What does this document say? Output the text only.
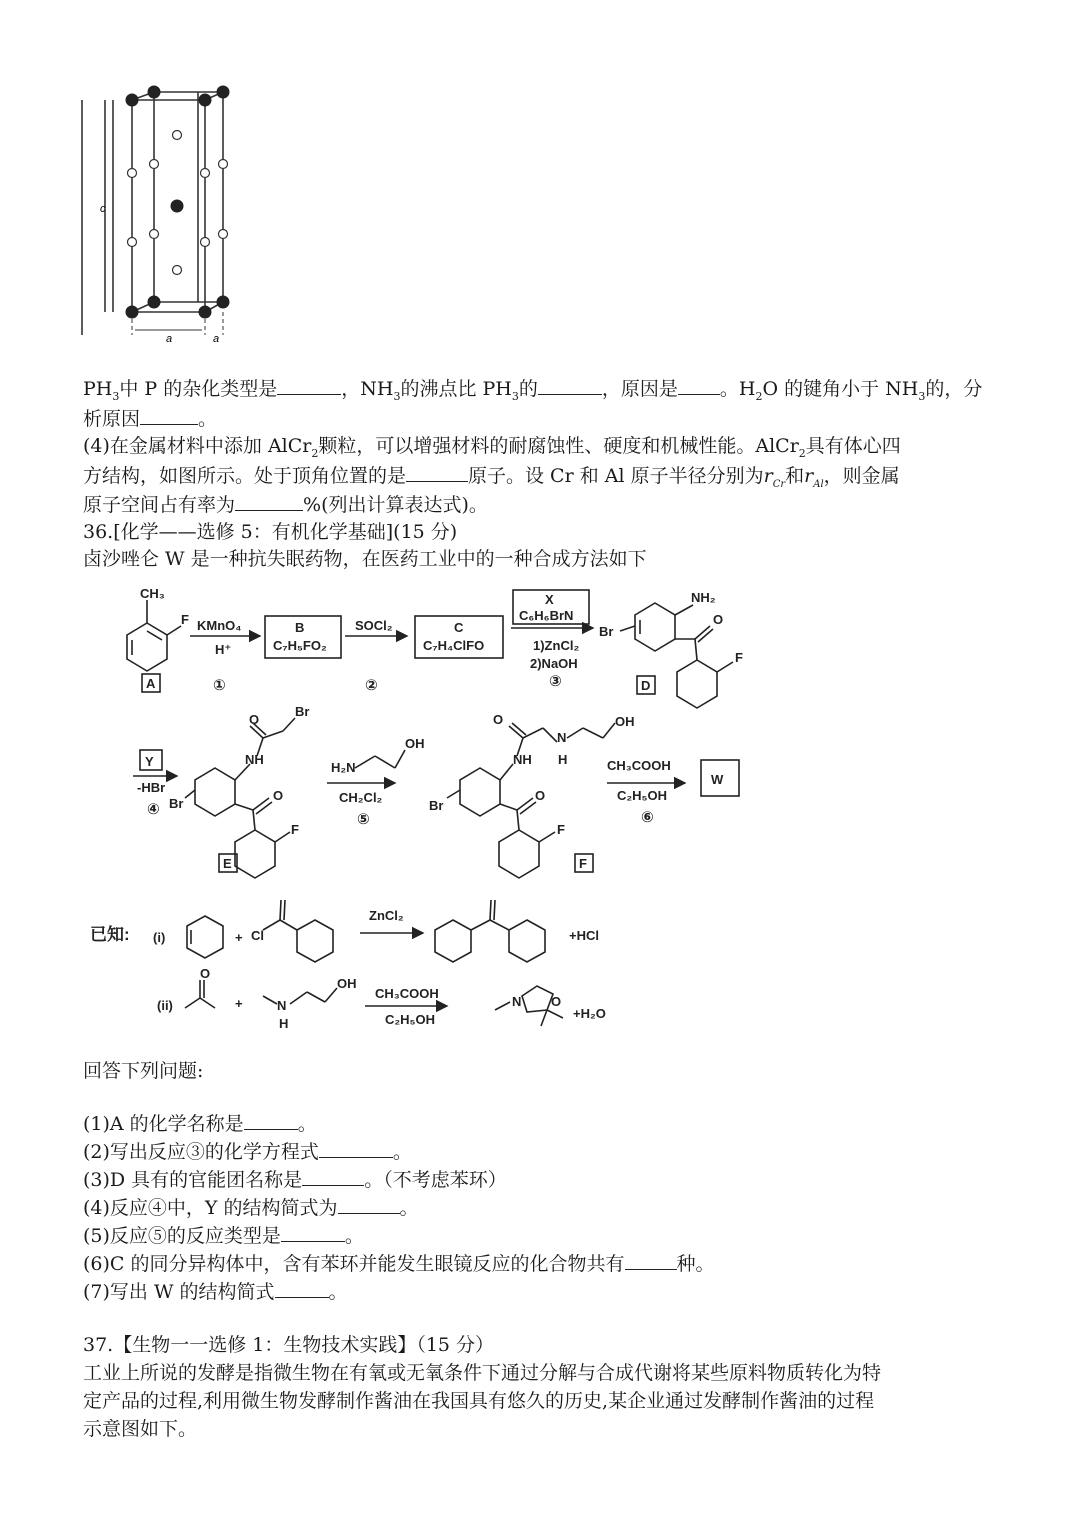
c
a	a
$PH_3$中 P 的杂化类型是	，$NH_3$的沸点比 $PH_3$的	，原因是 。$H_2O$ 的键角小于 $NH_3$的，分
析原因	。
(4)在金属材料中添加 AlCr$_2$颗粒，可以增强材料的耐腐蚀性、硬度和机械性能。AlCr$_2$具有体心四
方结构，如图所示。处于顶角位置的是	原子。设 Cr 和 Al 原子半径分别为$r_{Cr}$和$r_{Al}$，则金属
原子空间占有率为	%(列出计算表达式)。
36.[化学——选修 5：有机化学基础](15 分)
卤沙唑仑 W 是一种抗失眠药物，在医药工业中的一种合成方法如下
CH₃
F KMnO₄
H⁺
①
B
C₇H₅FO₂
SOCl₂
②
C
C₇H₄ClFO
X
C₆H₆BrN
1)ZnCl₂
2)NaOH
③
A	D
NH₂
Br
O
F
Y
-HBr
④
O
Br
NH
Br
O
F
E
H₂N
OH
CH₂Cl₂
⑤
O
NH
N
H
OH
Br
O
F
F
CH₃COOH
C₂H₅OH
⑥
W
已知: (i)	+ Cl
ZnCl₂
+HCl
(ii)
O
+	N
H
OH
CH₃COOH
C₂H₅OH
N O
+H₂O
回答下列问题:
(1)A 的化学名称是	。
(2)写出反应③的化学方程式	。
(3)D 具有的官能团名称是	。（不考虑苯环）
(4)反应④中，Y 的结构简式为	。
(5)反应⑤的反应类型是	。
(6)C 的同分异构体中，含有苯环并能发生眼镜反应的化合物共有	种。
(7)写出 W 的结构简式	。
37.【生物一一选修 1：生物技术实践】（15 分）
工业上所说的发酵是指微生物在有氧或无氧条件下通过分解与合成代谢将某些原料物质转化为特
定产品的过程,利用微生物发酵制作酱油在我国具有悠久的历史,某企业通过发酵制作酱油的过程
示意图如下。
